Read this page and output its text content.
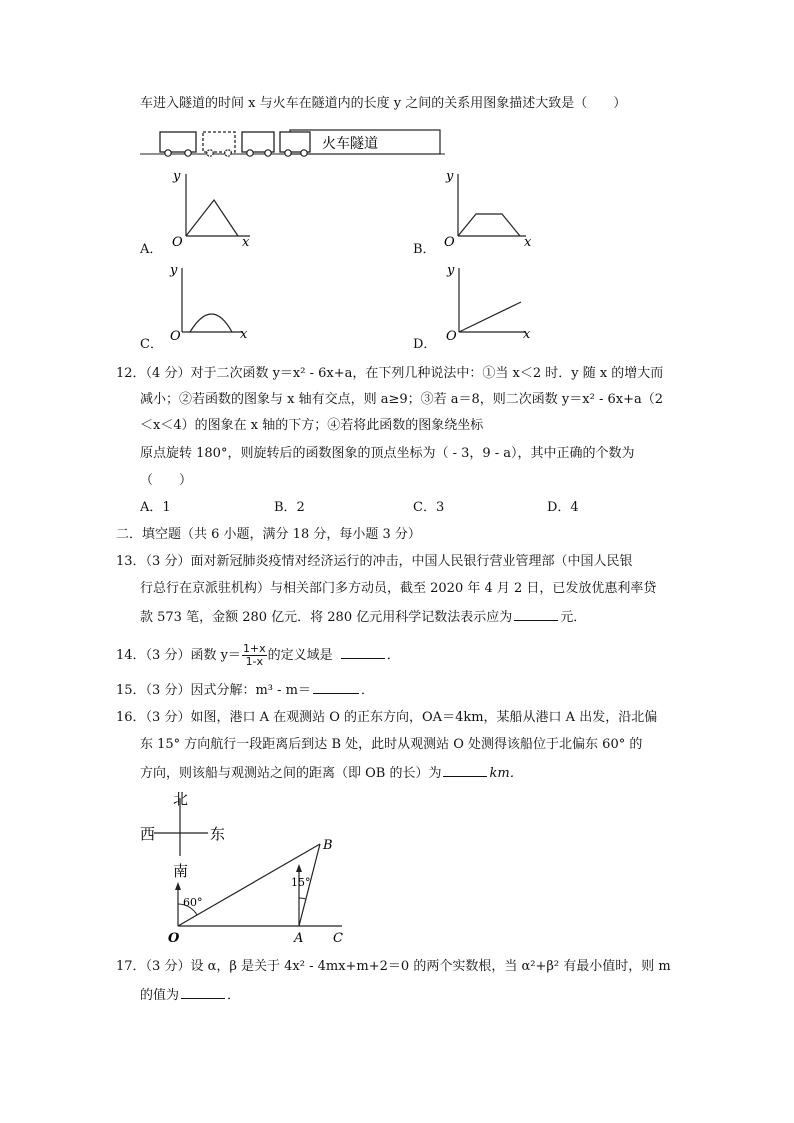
车进入隧道的时间 x 与火车在隧道内的长度 y 之间的关系用图象描述大致是（　　）
火车隧道
A．
y
x
O	B．
y
x
O
C．
y
x
O
D．
y
x
O
12．（4 分）对于二次函数 y＝x² ‑ 6x+a，在下列几种说法中：①当 x＜2 时．y 随 x 的增大而
减小；②若函数的图象与 x 轴有交点，则 a≥9；③若 a＝8，则二次函数 y＝x² ‑ 6x+a（2
＜x＜4）的图象在 x 轴的下方；④若将此函数的图象绕坐标
原点旋转 180°，则旋转后的函数图象的顶点坐标为（ ‑ 3，9 ‑ a），其中正确的个数为
（　　）
A．1	B．2	C．3	D．4
二．填空题（共 6 小题，满分 18 分，每小题 3 分）
13．（3 分）面对新冠肺炎疫情对经济运行的冲击，中国人民银行营业管理部（中国人民银
行总行在京派驻机构）与相关部门多方动员，截至 2020 年 4 月 2 日，已发放优惠利率贷
款 573 笔，金额 280 亿元．将 280 亿元用科学记数法表示应为	元．
14．（3 分）函数 $y= \frac{1+x}{1‑x}$ 的定义域是	．
15．（3 分）因式分解：m³ ‑ m＝	．
16．（3 分）如图，港口 A 在观测站 O 的正东方向，OA＝4km，某船从港口 A 出发，沿北偏
东 15° 方向航行一段距离后到达 B 处，此时从观测站 O 处测得该船位于北偏东 60° 的
方向，则该船与观测站之间的距离（即 OB 的长）为	km．
北
西	东
南
60°
15°
O	A C
B
17．（3 分）设 α，β 是关于 4x² ‑ 4mx+m+2＝0 的两个实数根，当 α²+β² 有最小值时，则 m
的值为	．
